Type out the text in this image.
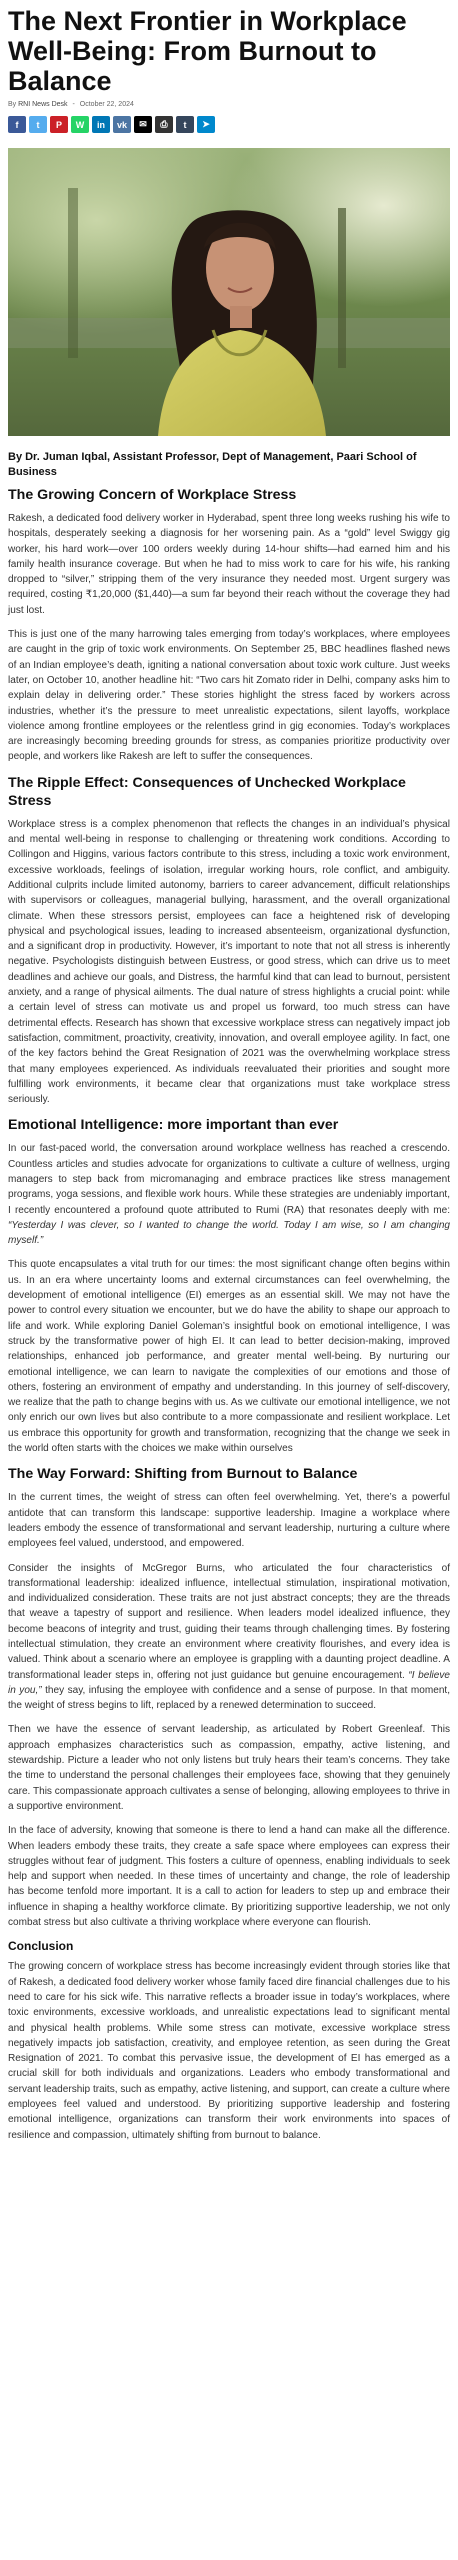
The Next Frontier in Workplace Well-Being: From Burnout to Balance
By RNI News Desk - October 22, 2024
f	t	P	W	in	vk	✉	⎙	t	➤
By Dr. Juman Iqbal, Assistant Professor, Dept of Management, Paari School of Business
The Growing Concern of Workplace Stress

Rakesh, a dedicated food delivery worker in Hyderabad, spent three long weeks rushing his wife to hospitals, desperately seeking a diagnosis for her worsening pain. As a “gold” level Swiggy gig worker, his hard work—over 100 orders weekly during 14-hour shifts—had earned him and his family health insurance coverage. But when he had to miss work to care for his wife, his ranking dropped to “silver,” stripping them of the very insurance they needed most. Urgent surgery was required, costing ₹1,20,000 ($1,440)—a sum far beyond their reach without the coverage they had just lost.

This is just one of the many harrowing tales emerging from today’s workplaces, where employees are caught in the grip of toxic work environments. On September 25, BBC headlines flashed news of an Indian employee’s death, igniting a national conversation about toxic work culture. Just weeks later, on October 10, another headline hit: “Two cars hit Zomato rider in Delhi, company asks him to explain delay in delivering order.” These stories highlight the stress faced by workers across industries, whether it’s the pressure to meet unrealistic expectations, silent layoffs, workplace violence among frontline employees or the relentless grind in gig economies. Today’s workplaces are increasingly becoming breeding grounds for stress, as companies prioritize productivity over people, and workers like Rakesh are left to suffer the consequences.

The Ripple Effect: Consequences of Unchecked Workplace Stress

Workplace stress is a complex phenomenon that reflects the changes in an individual’s physical and mental well-being in response to challenging or threatening work conditions. According to Collingon and Higgins, various factors contribute to this stress, including a toxic work environment, excessive workloads, feelings of isolation, irregular working hours, role conflict, and ambiguity. Additional culprits include limited autonomy, barriers to career advancement, difficult relationships with supervisors or colleagues, managerial bullying, harassment, and the overall organizational climate. When these stressors persist, employees can face a heightened risk of developing physical and psychological issues, leading to increased absenteeism, organizational dysfunction, and a significant drop in productivity. However, it’s important to note that not all stress is inherently negative. Psychologists distinguish between Eustress, or good stress, which can drive us to meet deadlines and achieve our goals, and Distress, the harmful kind that can lead to burnout, persistent anxiety, and a range of physical ailments. The dual nature of stress highlights a crucial point: while a certain level of stress can motivate us and propel us forward, too much stress can have detrimental effects. Research has shown that excessive workplace stress can negatively impact job satisfaction, commitment, proactivity, creativity, innovation, and overall employee agility. In fact, one of the key factors behind the Great Resignation of 2021 was the overwhelming workplace stress that many employees experienced. As individuals reevaluated their priorities and sought more fulfilling work environments, it became clear that organizations must take workplace stress seriously.

Emotional Intelligence: more important than ever

In our fast-paced world, the conversation around workplace wellness has reached a crescendo. Countless articles and studies advocate for organizations to cultivate a culture of wellness, urging managers to step back from micromanaging and embrace practices like stress management programs, yoga sessions, and flexible work hours. While these strategies are undeniably important, I recently encountered a profound quote attributed to Rumi (RA) that resonates deeply with me: “Yesterday I was clever, so I wanted to change the world. Today I am wise, so I am changing myself.”

This quote encapsulates a vital truth for our times: the most significant change often begins within us. In an era where uncertainty looms and external circumstances can feel overwhelming, the development of emotional intelligence (EI) emerges as an essential skill. We may not have the power to control every situation we encounter, but we do have the ability to shape our approach to life and work. While exploring Daniel Goleman’s insightful book on emotional intelligence, I was struck by the transformative power of high EI. It can lead to better decision-making, improved relationships, enhanced job performance, and greater mental well-being. By nurturing our emotional intelligence, we can learn to navigate the complexities of our emotions and those of others, fostering an environment of empathy and understanding. In this journey of self-discovery, we realize that the path to change begins with us. As we cultivate our emotional intelligence, we not only enrich our own lives but also contribute to a more compassionate and resilient workplace. Let us embrace this opportunity for growth and transformation, recognizing that the change we seek in the world often starts with the choices we make within ourselves

The Way Forward: Shifting from Burnout to Balance

In the current times, the weight of stress can often feel overwhelming. Yet, there’s a powerful antidote that can transform this landscape: supportive leadership. Imagine a workplace where leaders embody the essence of transformational and servant leadership, nurturing a culture where employees feel valued, understood, and empowered.

Consider the insights of McGregor Burns, who articulated the four characteristics of transformational leadership: idealized influence, intellectual stimulation, inspirational motivation, and individualized consideration. These traits are not just abstract concepts; they are the threads that weave a tapestry of support and resilience. When leaders model idealized influence, they become beacons of integrity and trust, guiding their teams through challenging times. By fostering intellectual stimulation, they create an environment where creativity flourishes, and every idea is valued. Think about a scenario where an employee is grappling with a daunting project deadline. A transformational leader steps in, offering not just guidance but genuine encouragement. “I believe in you,” they say, infusing the employee with confidence and a sense of purpose. In that moment, the weight of stress begins to lift, replaced by a renewed determination to succeed.

Then we have the essence of servant leadership, as articulated by Robert Greenleaf. This approach emphasizes characteristics such as compassion, empathy, active listening, and stewardship. Picture a leader who not only listens but truly hears their team’s concerns. They take the time to understand the personal challenges their employees face, showing that they genuinely care. This compassionate approach cultivates a sense of belonging, allowing employees to thrive in a supportive environment.

In the face of adversity, knowing that someone is there to lend a hand can make all the difference. When leaders embody these traits, they create a safe space where employees can express their struggles without fear of judgment. This fosters a culture of openness, enabling individuals to seek help and support when needed. In these times of uncertainty and change, the role of leadership has become tenfold more important. It is a call to action for leaders to step up and embrace their influence in shaping a healthy workforce climate. By prioritizing supportive leadership, we not only combat stress but also cultivate a thriving workplace where everyone can flourish.

Conclusion

The growing concern of workplace stress has become increasingly evident through stories like that of Rakesh, a dedicated food delivery worker whose family faced dire financial challenges due to his need to care for his sick wife. This narrative reflects a broader issue in today’s workplaces, where toxic environments, excessive workloads, and unrealistic expectations lead to significant mental and physical health problems. While some stress can motivate, excessive workplace stress negatively impacts job satisfaction, creativity, and employee retention, as seen during the Great Resignation of 2021. To combat this pervasive issue, the development of EI has emerged as a crucial skill for both individuals and organizations. Leaders who embody transformational and servant leadership traits, such as empathy, active listening, and support, can create a culture where employees feel valued and understood. By prioritizing supportive leadership and fostering emotional intelligence, organizations can transform their work environments into spaces of resilience and compassion, ultimately shifting from burnout to balance.
